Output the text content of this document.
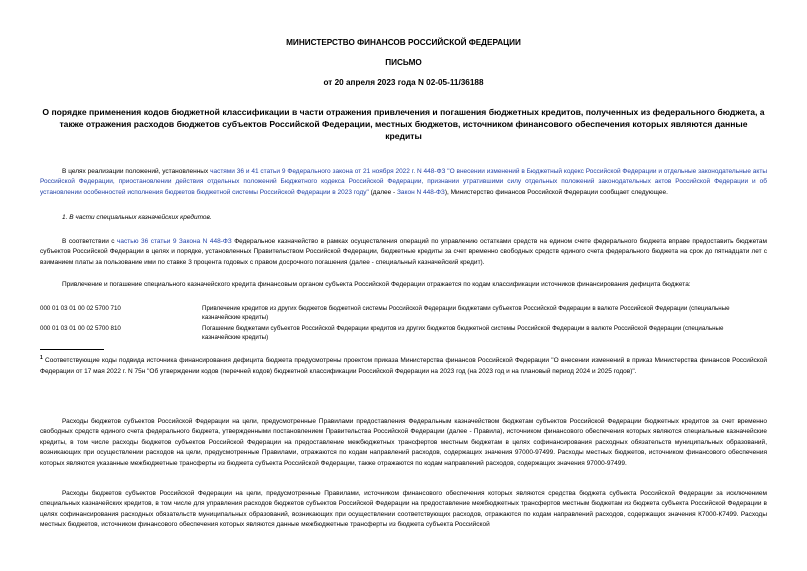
МИНИСТЕРСТВО ФИНАНСОВ РОССИЙСКОЙ ФЕДЕРАЦИИ
ПИСЬМО
от 20 апреля 2023 года N 02-05-11/36188
О порядке применения кодов бюджетной классификации в части отражения привлечения и погашения бюджетных кредитов, полученных из федерального бюджета, а также отражения расходов бюджетов субъектов Российской Федерации, местных бюджетов, источником финансового обеспечения которых являются данные кредиты
В целях реализации положений, установленных частями 36 и 41 статьи 9 Федерального закона от 21 ноября 2022 г. N 448-ФЗ "О внесении изменений в Бюджетный кодекс Российской Федерации и отдельные законодательные акты Российской Федерации, приостановлении действия отдельных положений Бюджетного кодекса Российской Федерации, признании утратившими силу отдельных положений законодательных актов Российской Федерации и об установлении особенностей исполнения бюджетов бюджетной системы Российской Федерации в 2023 году" (далее - Закон N 448-ФЗ), Министерство финансов Российской Федерации сообщает следующее.
1. В части специальных казначейских кредитов.
В соответствии с частью 36 статьи 9 Закона N 448-ФЗ Федеральное казначейство в рамках осуществления операций по управлению остатками средств на едином счете федерального бюджета вправе предоставить бюджетам субъектов Российской Федерации в целях и порядке, установленных Правительством Российской Федерации, бюджетные кредиты за счет временно свободных средств единого счета федерального бюджета на срок до пятнадцати лет с взиманием платы за пользование ими по ставке 3 процента годовых с правом досрочного погашения (далее - специальный казначейский кредит).
Привлечение и погашение специального казначейского кредита финансовым органом субъекта Российской Федерации отражается по кодам классификации источников финансирования дефицита бюджета:
000 01 03 01 00 02 5700 710	Привлечение кредитов из других бюджетов бюджетной системы Российской Федерации бюджетами субъектов Российской Федерации в валюте Российской Федерации (специальные казначейские кредиты)
000 01 03 01 00 02 5700 810	Погашение бюджетами субъектов Российской Федерации кредитов из других бюджетов бюджетной системы Российской Федерации в валюте Российской Федерации (специальные казначейские кредиты)
$^1$ Соответствующие коды подвида источника финансирования дефицита бюджета предусмотрены проектом приказа Министерства финансов Российской Федерации "О внесении изменений в приказ Министерства финансов Российской Федерации от 17 мая 2022 г. N 75н "Об утверждении кодов (перечней кодов) бюджетной классификации Российской Федерации на 2023 год (на 2023 год и на плановый период 2024 и 2025 годов)".
Расходы бюджетов субъектов Российской Федерации на цели, предусмотренные Правилами предоставления Федеральным казначейством бюджетам субъектов Российской Федерации бюджетных кредитов за счет временно свободных средств единого счета федерального бюджета, утвержденными постановлением Правительства Российской Федерации (далее - Правила), источником финансового обеспечения которых являются специальные казначейские кредиты, в том числе расходы бюджетов субъектов Российской Федерации на предоставление межбюджетных трансфертов местным бюджетам в целях софинансирования расходных обязательств муниципальных образований, возникающих при осуществлении расходов на цели, предусмотренные Правилами, отражаются по кодам направлений расходов, содержащих значения 97000-97499. Расходы местных бюджетов, источником финансового обеспечения которых являются указанные межбюджетные трансферты из бюджета субъекта Российской Федерации, также отражаются по кодам направлений расходов, содержащих значения 97000-97499.
Расходы бюджетов субъектов Российской Федерации на цели, предусмотренные Правилами, источником финансового обеспечения которых являются средства бюджета субъекта Российской Федерации за исключением специальных казначейских кредитов, в том числе для управления расходов бюджетов субъектов Российской Федерации на предоставление межбюджетных трансфертов местным бюджетам из бюджета субъекта Российской Федерации в целях софинансирования расходных обязательств муниципальных образований, возникающих при осуществлении соответствующих расходов, отражаются по кодам направлений расходов, содержащих значения К7000-К7499. Расходы местных бюджетов, источником финансового обеспечения которых являются данные межбюджетные трансферты из бюджета субъекта Российской
